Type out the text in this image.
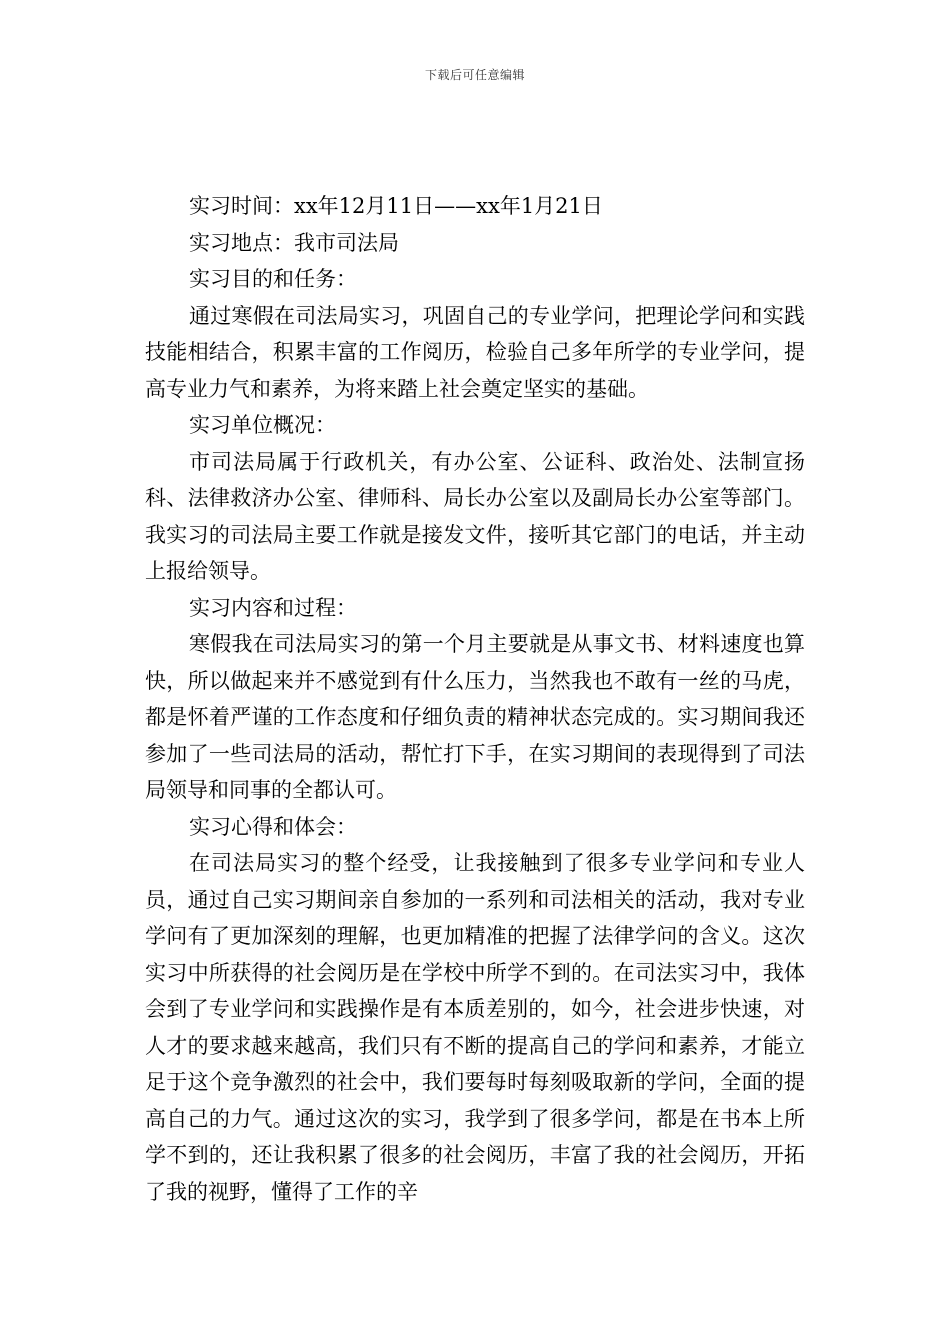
下载后可任意编辑

实习时间：xx年12月11日——xx年1月21日

实习地点：我市司法局

实习目的和任务：

通过寒假在司法局实习，巩固自己的专业学问，把理论学问和实践技能相结合，积累丰富的工作阅历，检验自己多年所学的专业学问，提高专业力气和素养，为将来踏上社会奠定坚实的基础。

实习单位概况：

市司法局属于行政机关，有办公室、公证科、政治处、法制宣扬科、法律救济办公室、律师科、局长办公室以及副局长办公室等部门。我实习的司法局主要工作就是接发文件，接听其它部门的电话，并主动上报给领导。

实习内容和过程：

寒假我在司法局实习的第一个月主要就是从事文书、材料速度也算快，所以做起来并不感觉到有什么压力，当然我也不敢有一丝的马虎，都是怀着严谨的工作态度和仔细负责的精神状态完成的。实习期间我还参加了一些司法局的活动，帮忙打下手，在实习期间的表现得到了司法局领导和同事的全都认可。

实习心得和体会：

在司法局实习的整个经受，让我接触到了很多专业学问和专业人员，通过自己实习期间亲自参加的一系列和司法相关的活动，我对专业学问有了更加深刻的理解，也更加精准的把握了法律学问的含义。这次实习中所获得的社会阅历是在学校中所学不到的。在司法实习中，我体会到了专业学问和实践操作是有本质差别的，如今，社会进步快速，对人才的要求越来越高，我们只有不断的提高自己的学问和素养，才能立足于这个竞争激烈的社会中，我们要每时每刻吸取新的学问，全面的提高自己的力气。通过这次的实习，我学到了很多学问，都是在书本上所学不到的，还让我积累了很多的社会阅历，丰富了我的社会阅历，开拓了我的视野，懂得了工作的辛
